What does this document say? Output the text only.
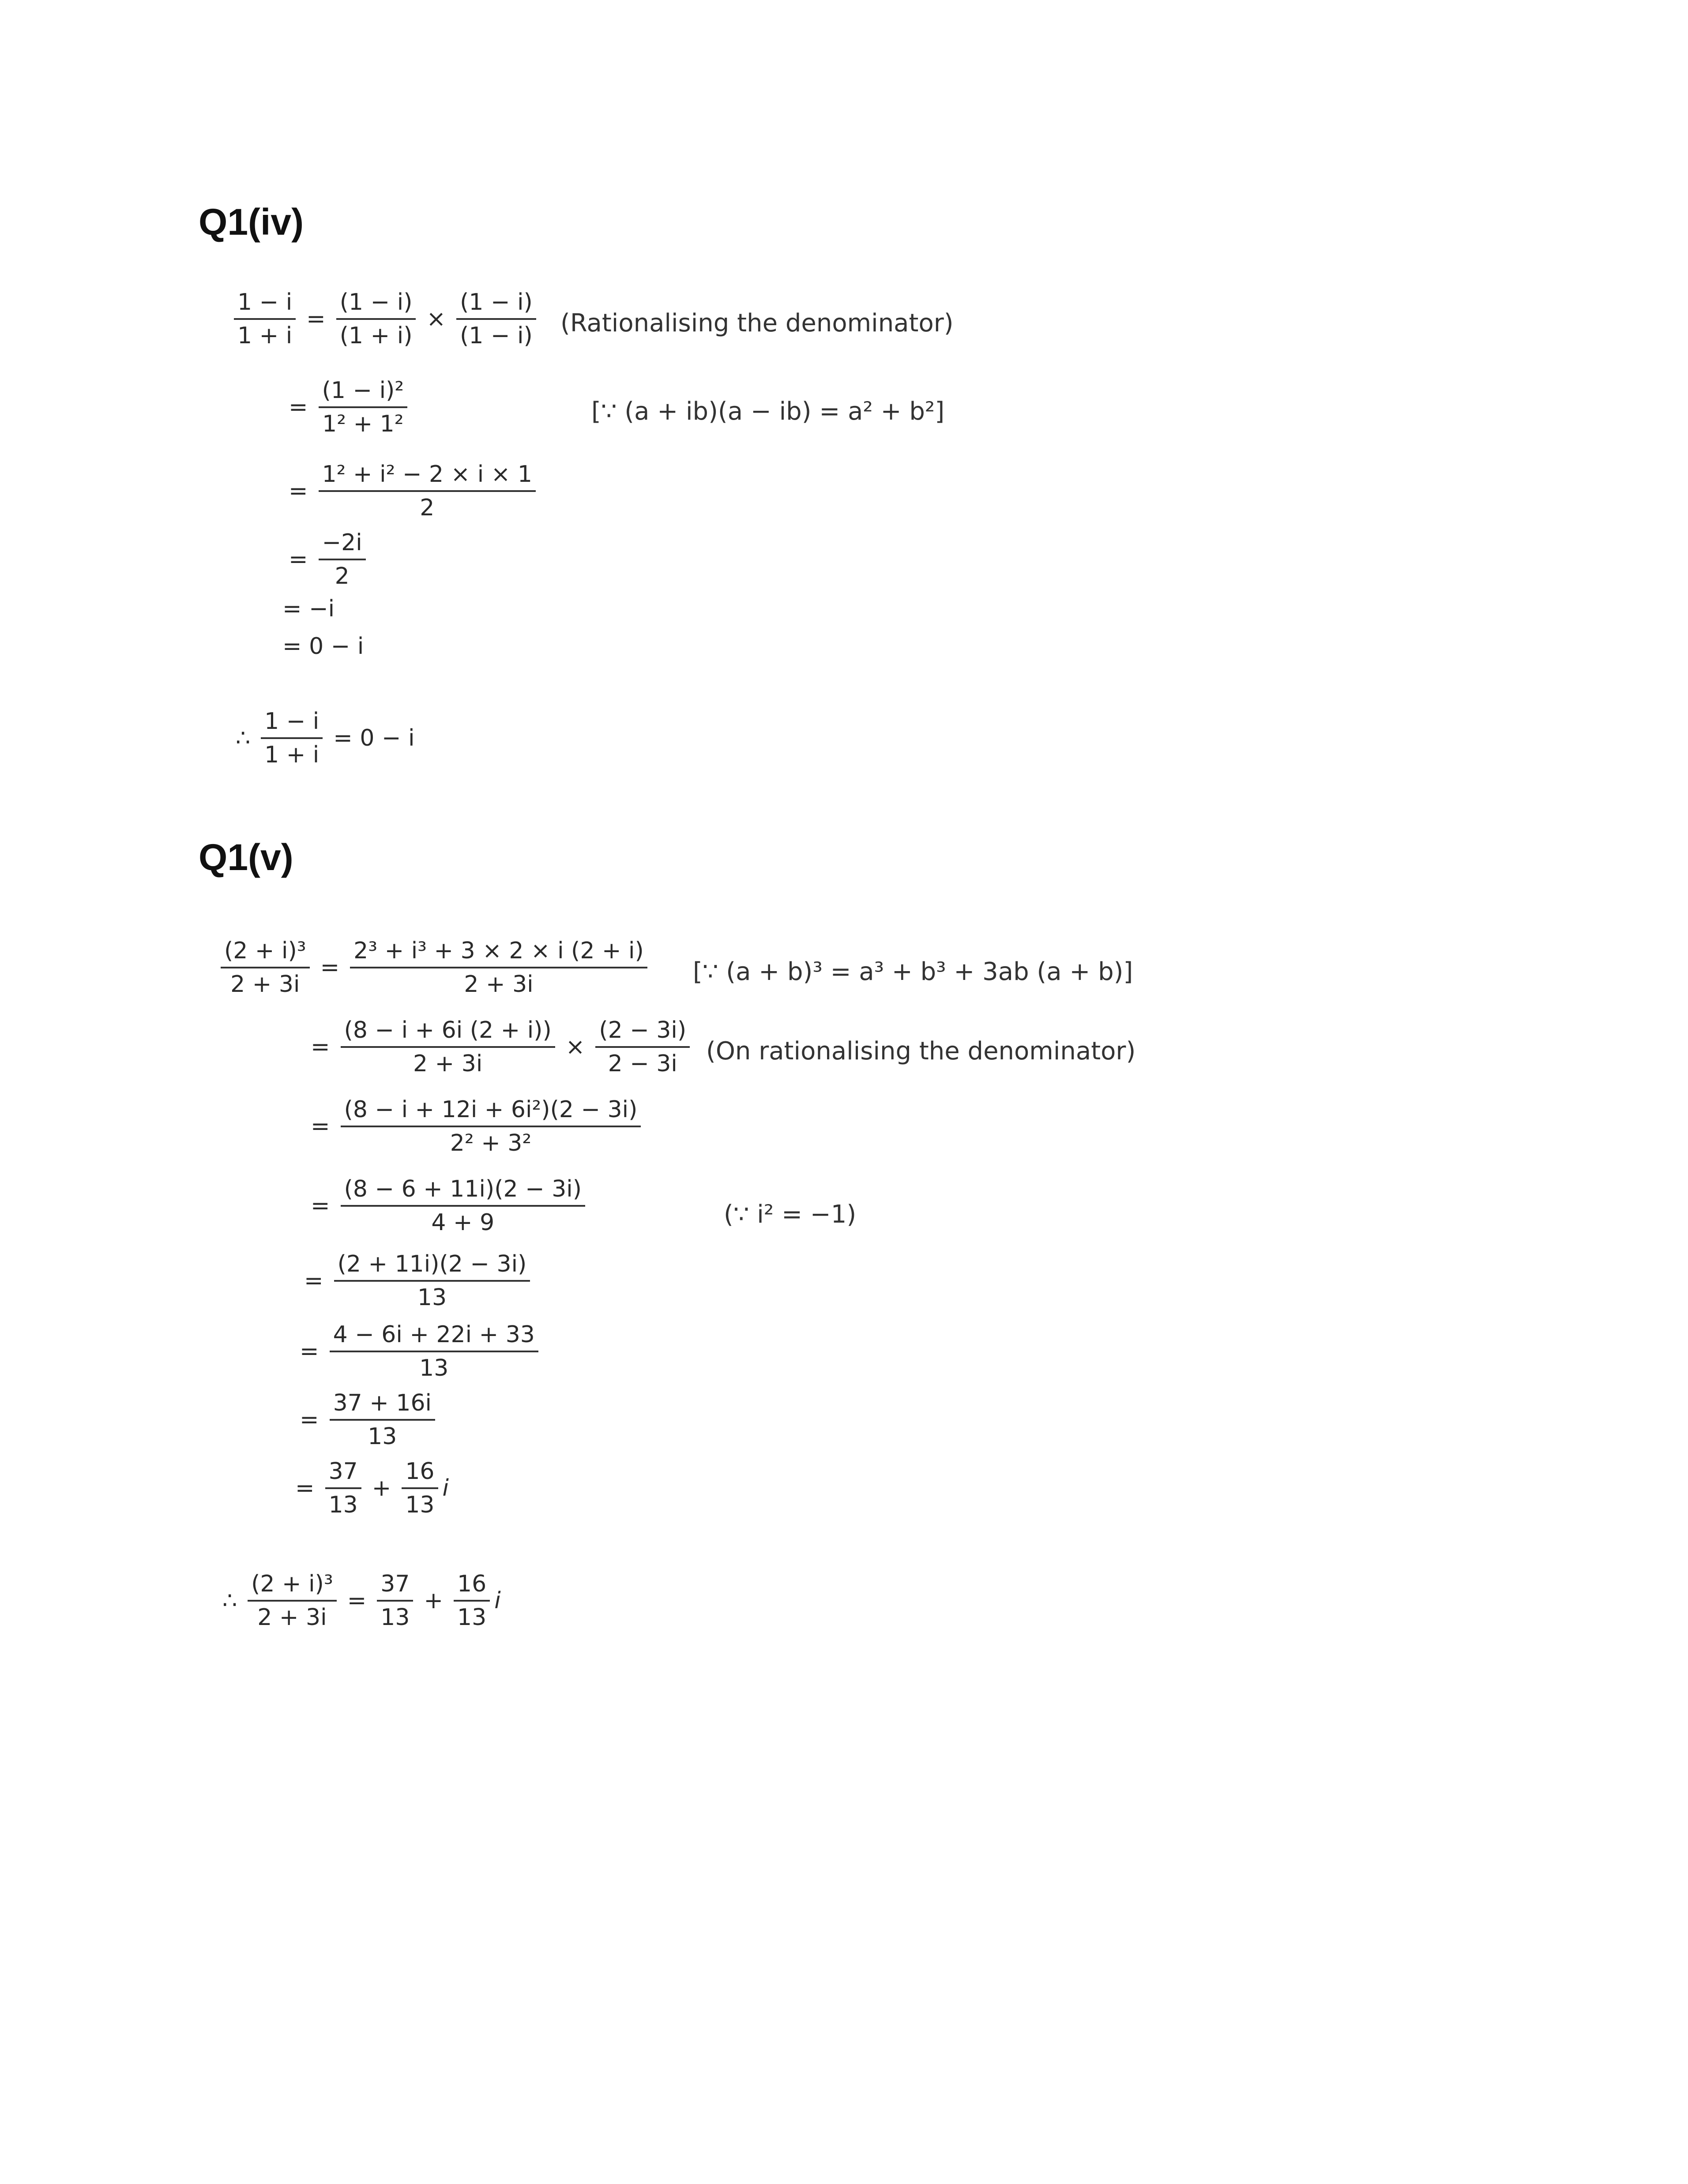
Q1(iv)
$\frac{1 - i}{1 + i} = \frac{(1 - i)}{(1 + i)} \times \frac{(1 - i)}{(1 - i)}$
= $\frac{\text{(1 − i)²}}{\text{1² + 1²}}$
= $\frac{\text{1² + i² − 2 × i × 1}}{2}$
= $\frac{-2i}{2}$
= −i
= 0 − i
∴ $\frac{1 - i}{1 + i} = 0 - i$
(Rationalising the denominator)
[∵ (a + ib)(a − ib) = a² + b²]
Q1(v)
$\frac{\text{(2 + i)³}}{2 + 3i} = \frac{\text{2³ + i³ + 3 × 2 × i (2 + i)}}{2 + 3i}$
= $\frac{(8 - i + 6i (2 + i))}{2 + 3i} \times \frac{(2 - 3i)}{2 - 3i}$
= $\frac{\text{(8 − i + 12i + 6i²)(2 − 3i)}}{\text{2² + 3²}}$
= $\frac{(8 - 6 + 11i)(2 - 3i)}{4 + 9}$
= $\frac{(2 + 11i)(2 - 3i)}{13}$
= $\frac{4 - 6i + 22i + 33}{13}$
= $\frac{37 + 16i}{13}$
= $\frac{37}{13} + \frac{16}{13}$ i
∴ $\frac{\text{(2 + i)³}}{2 + 3i} = \frac{37}{13} + \frac{16}{13}$ i
[∵ (a + b)³ = a³ + b³ + 3ab (a + b)]
(On rationalising the denominator)
(∵ i² = −1)
